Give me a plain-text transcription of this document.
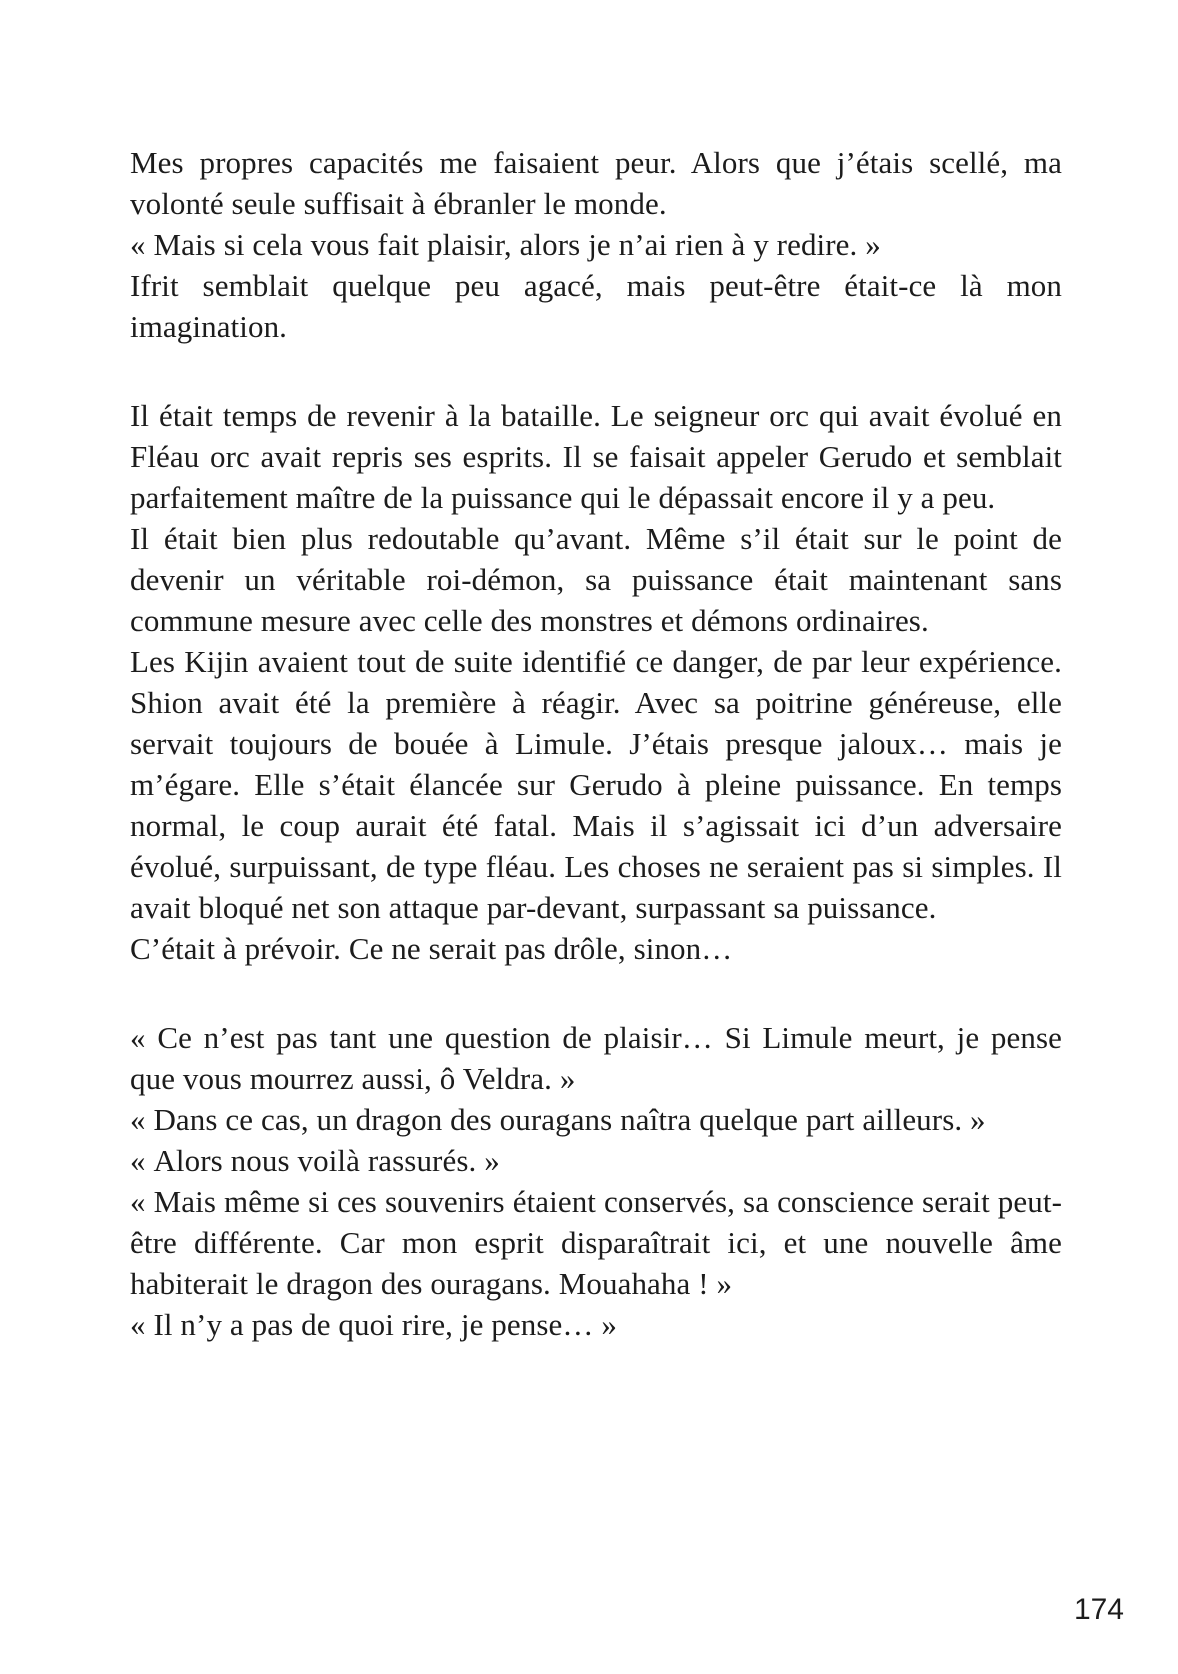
Mes propres capacités me faisaient peur. Alors que j’étais scellé, ma volonté seule suffisait à ébranler le monde.

« Mais si cela vous fait plaisir, alors je n’ai rien à y redire. »

Ifrit semblait quelque peu agacé, mais peut-être était-ce là mon imagination.

Il était temps de revenir à la bataille. Le seigneur orc qui avait évolué en Fléau orc avait repris ses esprits. Il se faisait appeler Gerudo et semblait parfaitement maître de la puissance qui le dépassait encore il y a peu.

Il était bien plus redoutable qu’avant. Même s’il était sur le point de devenir un véritable roi-démon, sa puissance était maintenant sans commune mesure avec celle des monstres et démons ordinaires.

Les Kijin avaient tout de suite identifié ce danger, de par leur expérience. Shion avait été la première à réagir. Avec sa poitrine généreuse, elle servait toujours de bouée à Limule. J’étais presque jaloux… mais je m’égare. Elle s’était élancée sur Gerudo à pleine puissance. En temps normal, le coup aurait été fatal. Mais il s’agissait ici d’un adversaire évolué, surpuissant, de type fléau. Les choses ne seraient pas si simples. Il avait bloqué net son attaque par-devant, surpassant sa puissance.

C’était à prévoir. Ce ne serait pas drôle, sinon…

« Ce n’est pas tant une question de plaisir… Si Limule meurt, je pense que vous mourrez aussi, ô Veldra. »

« Dans ce cas, un dragon des ouragans naîtra quelque part ailleurs. »

« Alors nous voilà rassurés. »

« Mais même si ces souvenirs étaient conservés, sa conscience serait peut-être différente. Car mon esprit disparaîtrait ici, et une nouvelle âme habiterait le dragon des ouragans. Mouahaha ! »

« Il n’y a pas de quoi rire, je pense… »

174
